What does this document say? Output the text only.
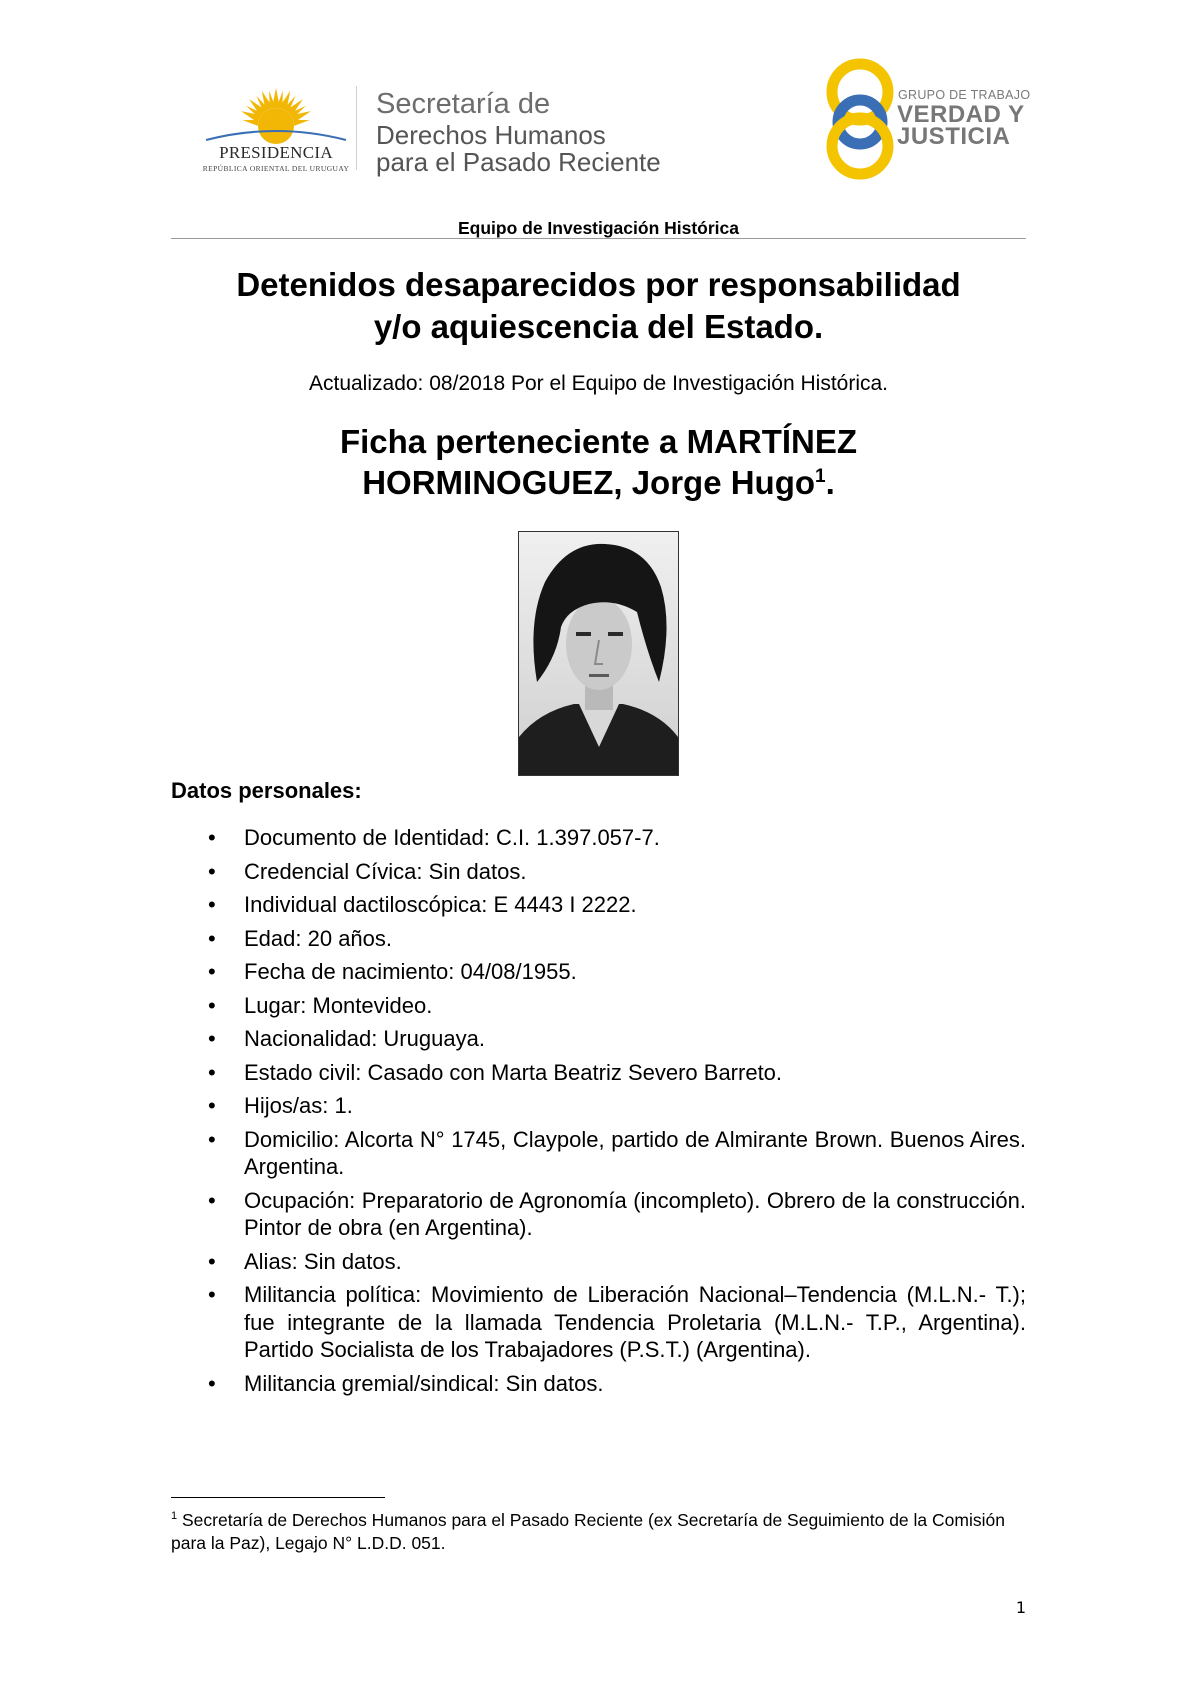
PRESIDENCIA
REPÚBLICA ORIENTAL DEL URUGUAY
Secretaría de
Derechos Humanos
para el Pasado Reciente
GRUPO DE TRABAJO
VERDAD Y
JUSTICIA
Equipo de Investigación Histórica
Detenidos desaparecidos por responsabilidad
y/o aquiescencia del Estado.
Actualizado: 08/2018 Por el Equipo de Investigación Histórica.
Ficha perteneciente a MARTÍNEZ
HORMINOGUEZ, Jorge Hugo$^1$.
Datos personales:
• Documento de Identidad: C.I. 1.397.057-7.
• Credencial Cívica: Sin datos.
• Individual dactiloscópica: E 4443 I 2222.
• Edad: 20 años.
• Fecha de nacimiento: 04/08/1955.
• Lugar: Montevideo.
• Nacionalidad: Uruguaya.
• Estado civil: Casado con Marta Beatriz Severo Barreto.
• Hijos/as: 1.
• Domicilio: Alcorta N° 1745, Claypole, partido de Almirante Brown. Buenos Aires. Argentina.
• Ocupación: Preparatorio de Agronomía (incompleto). Obrero de la construcción. Pintor de obra (en Argentina).
• Alias: Sin datos.
• Militancia política: Movimiento de Liberación Nacional–Tendencia (M.L.N.- T.); fue integrante de la llamada Tendencia Proletaria (M.L.N.- T.P., Argentina). Partido Socialista de los Trabajadores (P.S.T.) (Argentina).
• Militancia gremial/sindical: Sin datos.
$^1$ Secretaría de Derechos Humanos para el Pasado Reciente (ex Secretaría de Seguimiento de la Comisión para la Paz), Legajo N° L.D.D. 051.
1
